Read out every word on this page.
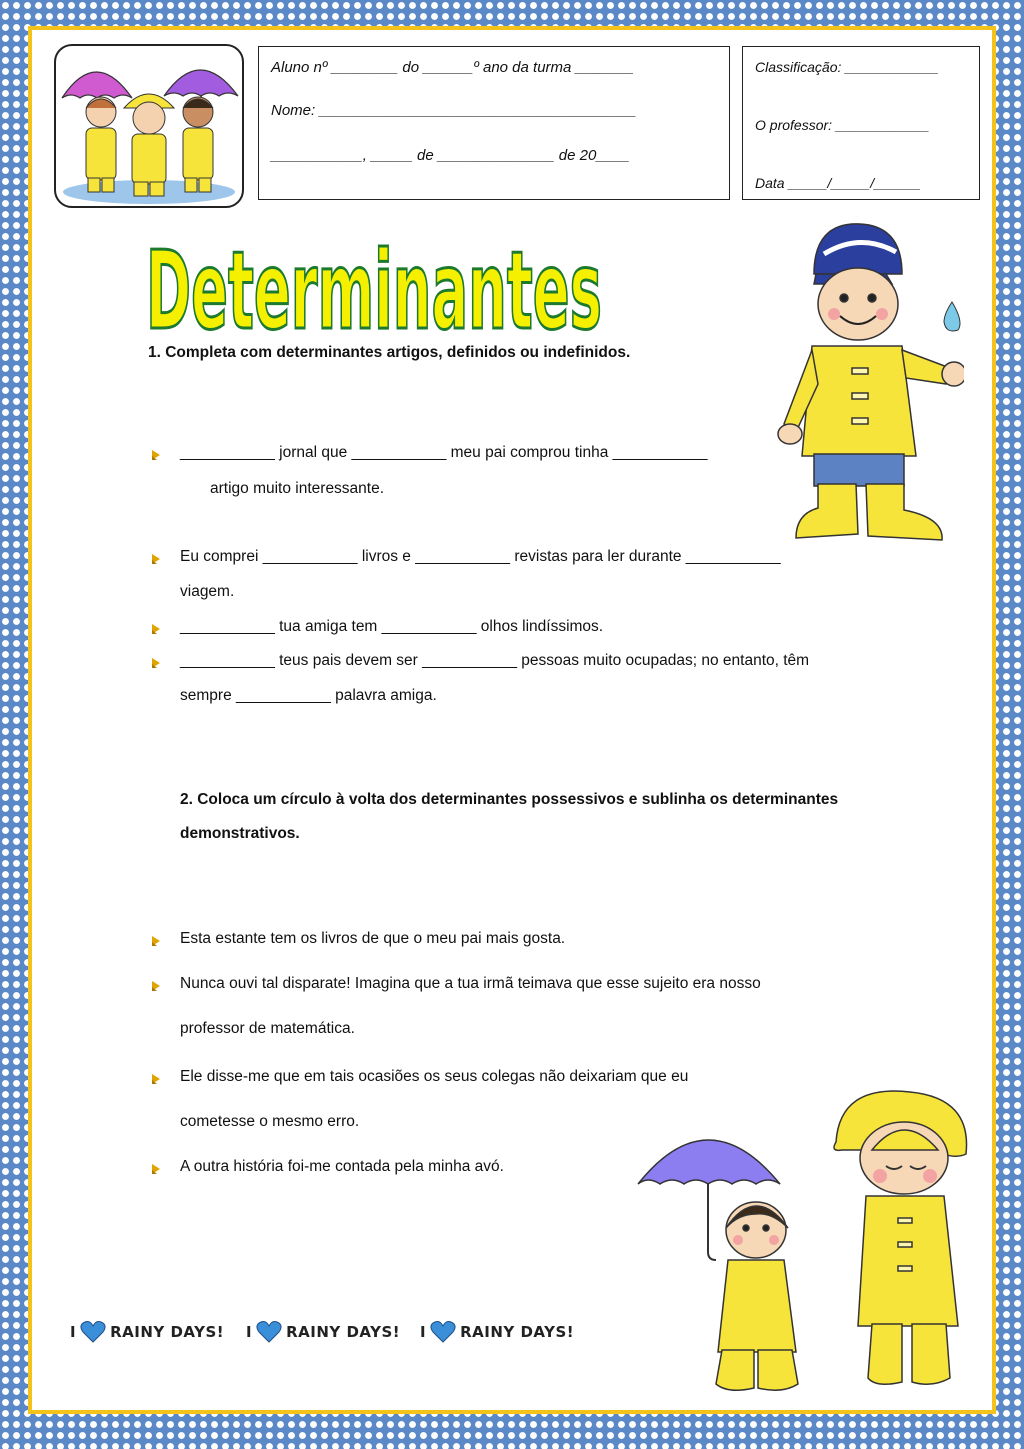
Aluno nº ________ do ______º ano da turma _______
Nome: ______________________________________
___________, _____ de ______________ de 20____
Classificação: ____________
O professor: ____________
Data _____/_____/______
Determinantes
1. Completa com determinantes artigos, definidos ou indefinidos.
___________ jornal que ___________ meu pai comprou tinha ___________
artigo muito interessante.
Eu comprei ___________ livros e ___________ revistas para ler durante ___________
viagem.
___________ tua amiga tem ___________ olhos lindíssimos.
___________ teus pais devem ser ___________ pessoas muito ocupadas; no entanto, têm
sempre ___________ palavra amiga.
2. Coloca um círculo à volta dos determinantes possessivos e sublinha os determinantes
demonstrativos.
Esta estante tem os livros de que o meu pai mais gosta.
Nunca ouvi tal disparate! Imagina que a tua irmã teimava que esse sujeito era nosso
professor de matemática.
Ele disse-me que em tais ocasiões os seus colegas não deixariam que eu
cometesse o mesmo erro.
A outra história foi-me contada pela minha avó.
I RAINY DAYS! I RAINY DAYS! I RAINY DAYS!
